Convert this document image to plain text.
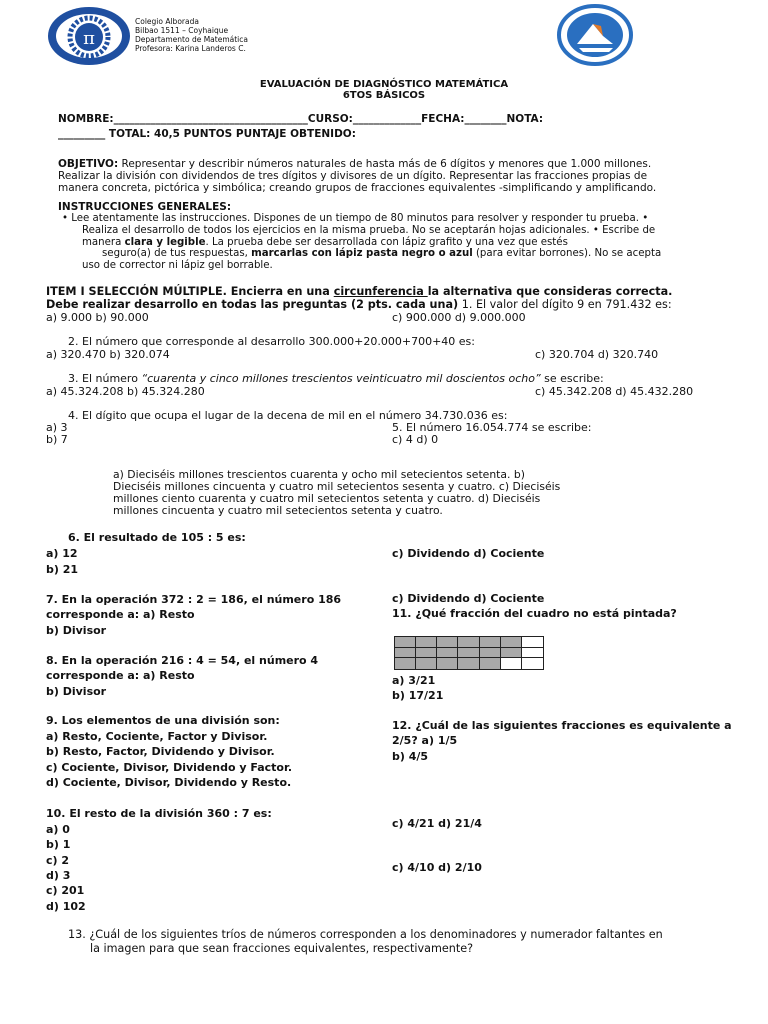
π
Colegio Alborada
Bilbao 1511 – Coyhaique
Departamento de Matemática
Profesora: Karina Landeros C.
EVALUACIÓN DE DIAGNÓSTICO MATEMÁTICA
6TOS BÁSICOS
NOMBRE:_____________________________________CURSO:_____________FECHA:________NOTA:
_________ TOTAL: 40,5 PUNTOS PUNTAJE OBTENIDO:
OBJETIVO: Representar y describir números naturales de hasta más de 6 dígitos y menores que 1.000 millones.
Realizar la división con dividendos de tres dígitos y divisores de un dígito. Representar las fracciones propias de
manera concreta, pictórica y simbólica; creando grupos de fracciones equivalentes -simplificando y amplificando.
INSTRUCCIONES GENERALES:
• Lee atentamente las instrucciones. Dispones de un tiempo de 80 minutos para resolver y responder tu prueba. •
Realiza el desarrollo de todos los ejercicios en la misma prueba. No se aceptarán hojas adicionales. • Escribe de
manera clara y legible. La prueba debe ser desarrollada con lápiz grafito y una vez que estés
seguro(a) de tus respuestas, marcarlas con lápiz pasta negro o azul (para evitar borrones). No se acepta
uso de corrector ni lápiz gel borrable.
ITEM I SELECCIÓN MÚLTIPLE. Encierra en una circunferencia la alternativa que consideras correcta.
Debe realizar desarrollo en todas las preguntas (2 pts. cada una) 1. El valor del dígito 9 en 791.432 es:
a) 9.000 b) 90.000	c) 900.000 d) 9.000.000
2. El número que corresponde al desarrollo 300.000+20.000+700+40 es:
a) 320.470 b) 320.074	c) 320.704 d) 320.740
3. El número “cuarenta y cinco millones trescientos veinticuatro mil doscientos ocho” se escribe:
a) 45.324.208 b) 45.324.280	c) 45.342.208 d) 45.432.280
4. El dígito que ocupa el lugar de la decena de mil en el número 34.730.036 es:
a) 3
b) 7
5. El número 16.054.774 se escribe:
c) 4 d) 0
a) Dieciséis millones trescientos cuarenta y ocho mil setecientos setenta. b)
Dieciséis millones cincuenta y cuatro mil setecientos sesenta y cuatro. c) Dieciséis
millones ciento cuarenta y cuatro mil setecientos setenta y cuatro. d) Dieciséis
millones cincuenta y cuatro mil setecientos setenta y cuatro.
6. El resultado de 105 : 5 es:
a) 12
b) 21
7. En la operación 372 : 2 = 186, el número 186
corresponde a: a) Resto
b) Divisor
8. En la operación 216 : 4 = 54, el número 4
corresponde a: a) Resto
b) Divisor
9. Los elementos de una división son:
a) Resto, Cociente, Factor y Divisor.
b) Resto, Factor, Dividendo y Divisor.
c) Cociente, Divisor, Dividendo y Factor.
d) Cociente, Divisor, Dividendo y Resto.
10. El resto de la división 360 : 7 es:
a) 0
b) 1
c) 2
d) 3
c) 201
d) 102
c) Dividendo d) Cociente
c) Dividendo d) Cociente
11. ¿Qué fracción del cuadro no está pintada?
a) 3/21
b) 17/21
12. ¿Cuál de las siguientes fracciones es equivalente a
2/5? a) 1/5
b) 4/5
c) 4/21 d) 21/4
c) 4/10 d) 2/10
13. ¿Cuál de los siguientes tríos de números corresponden a los denominadores y numerador faltantes en
la imagen para que sean fracciones equivalentes, respectivamente?
